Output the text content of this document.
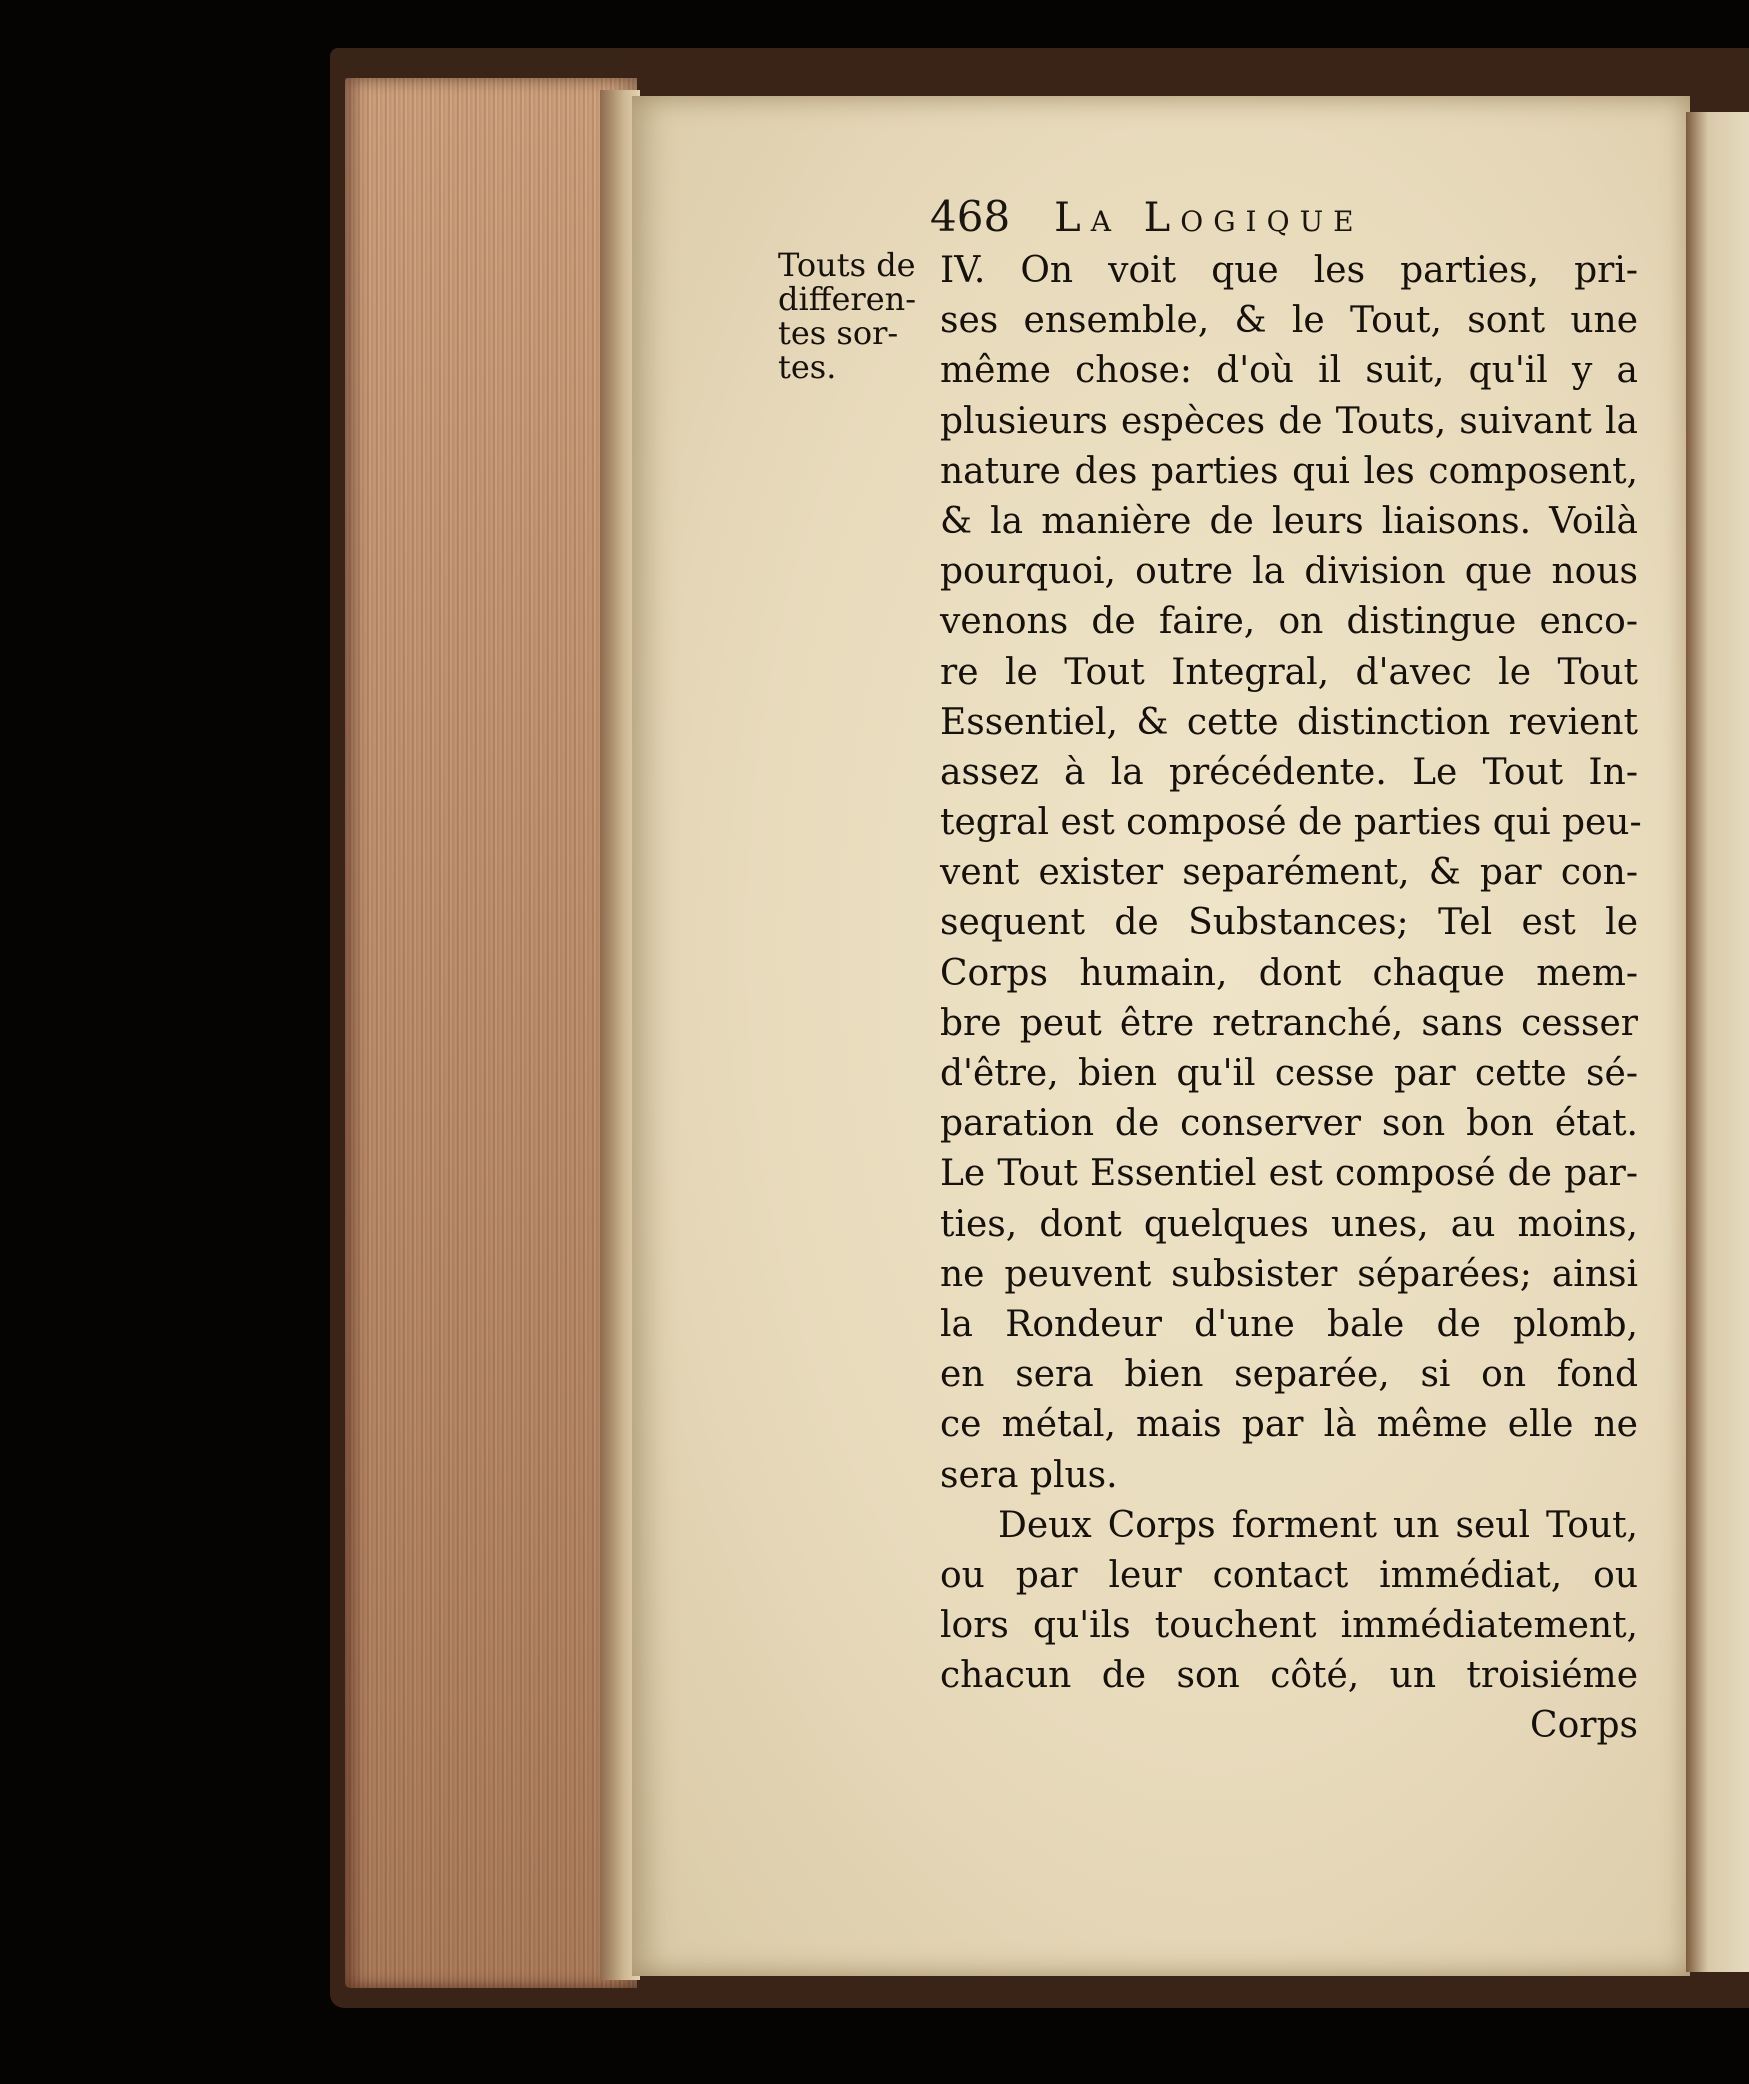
468 La Logique
Touts de
differen-
tes sor-
tes.
IV. On voit que les parties, pri-
ses ensemble, & le Tout, sont une
même chose: d'où il suit, qu'il y a
plusieurs espèces de Touts, suivant la
nature des parties qui les composent,
& la manière de leurs liaisons. Voilà
pourquoi, outre la division que nous
venons de faire, on distingue enco-
re le Tout Integral, d'avec le Tout
Essentiel, & cette distinction revient
assez à la précédente. Le Tout In-
tegral est composé de parties qui peu-
vent exister separément, & par con-
sequent de Substances; Tel est le
Corps humain, dont chaque mem-
bre peut être retranché, sans cesser
d'être, bien qu'il cesse par cette sé-
paration de conserver son bon état.
Le Tout Essentiel est composé de par-
ties, dont quelques unes, au moins,
ne peuvent subsister séparées; ainsi
la Rondeur d'une bale de plomb,
en sera bien separée, si on fond
ce métal, mais par là même elle ne
sera plus.
Deux Corps forment un seul Tout,
ou par leur contact immédiat, ou
lors qu'ils touchent immédiatement,
chacun de son côté, un troisiéme
Corps
